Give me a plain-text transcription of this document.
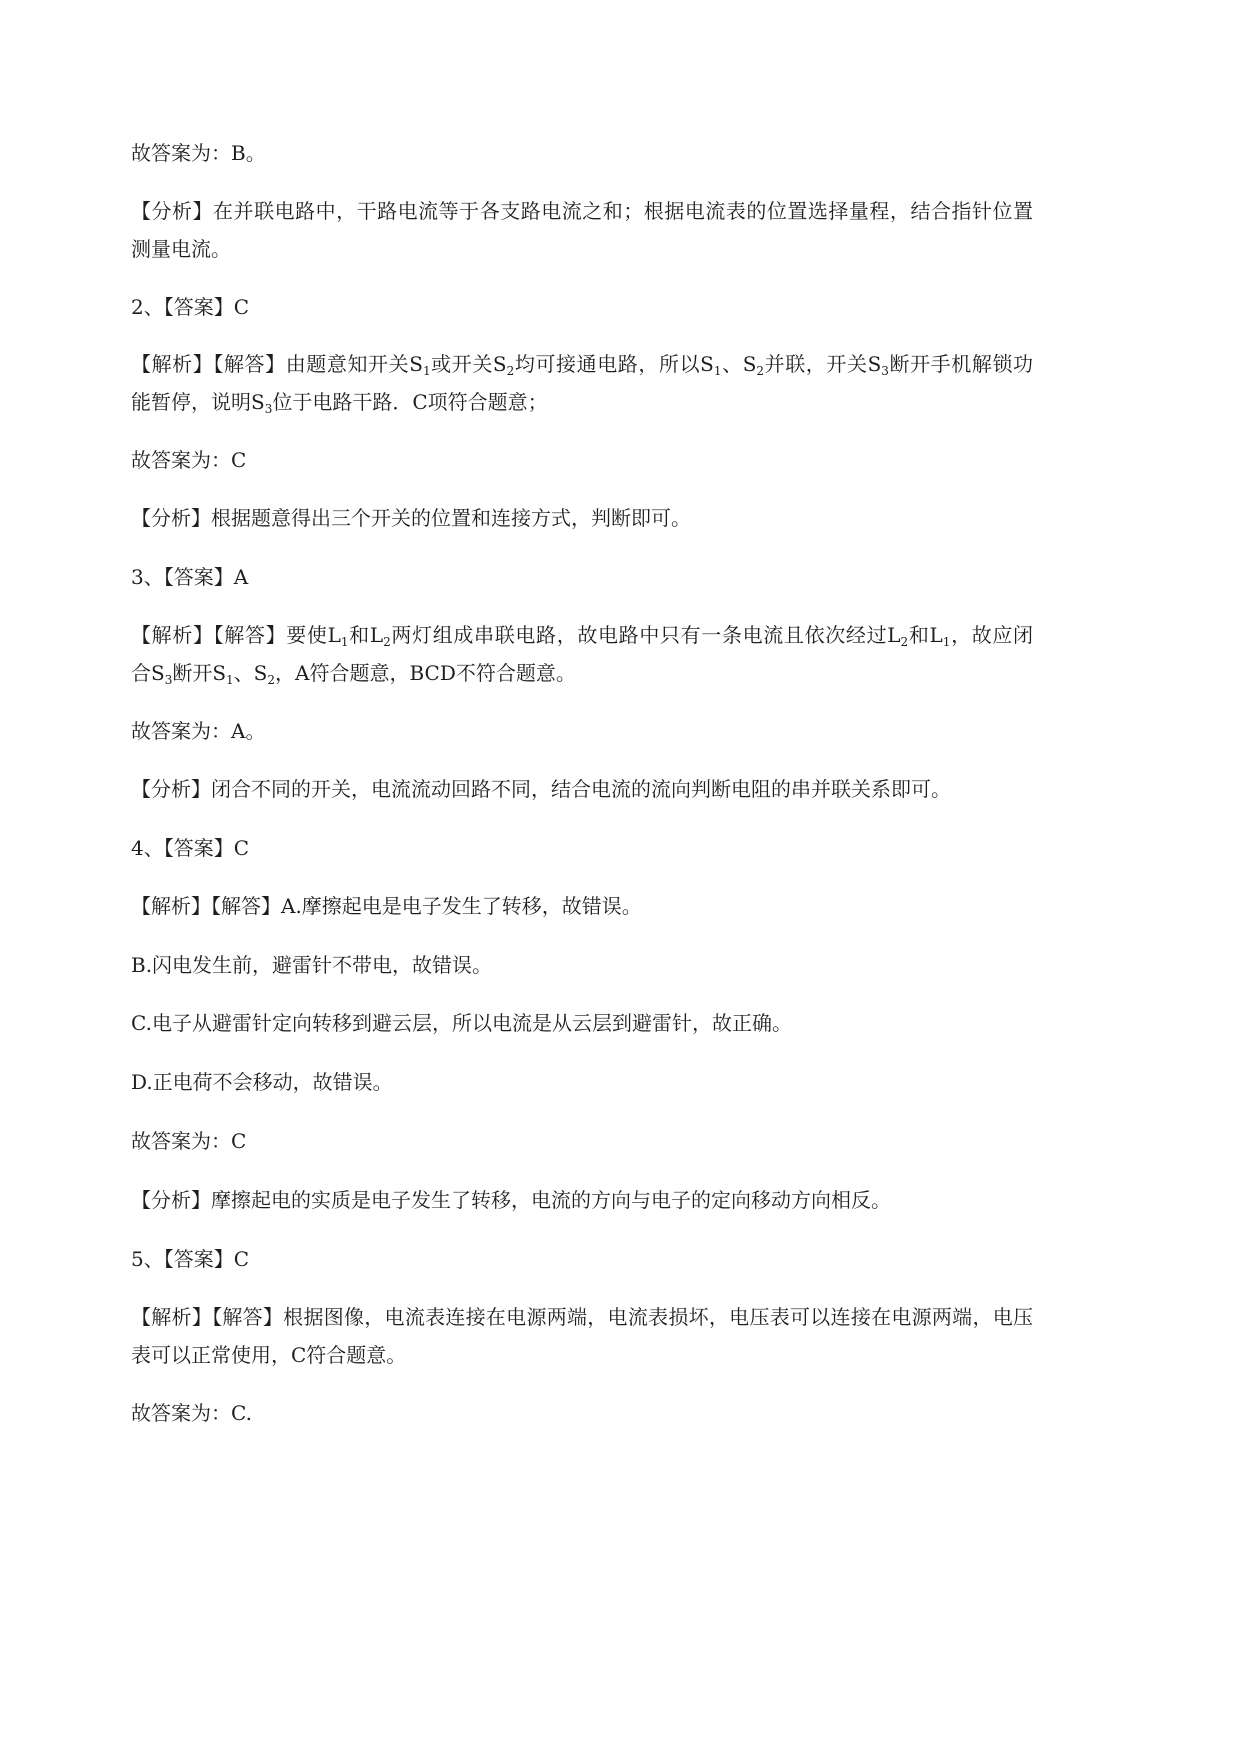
故答案为：B。
【分析】在并联电路中，干路电流等于各支路电流之和；根据电流表的位置选择量程，结合指针位置
测量电流。
2、【答案】C
【解析】【解答】由题意知开关$S_1$或开关$S_2$均可接通电路，所以$S_1$、$S_2$并联，开关$S_3$断开手机解锁功
能暂停，说明$S_3$位于电路干路．C项符合题意；
故答案为：C
【分析】根据题意得出三个开关的位置和连接方式，判断即可。
3、【答案】A
【解析】【解答】要使$L_1$和$L_2$两灯组成串联电路，故电路中只有一条电流且依次经过$L_2$和$L_1$，故应闭
合$S_3$断开$S_1$、$S_2$，A符合题意，BCD不符合题意。
故答案为：A。
【分析】闭合不同的开关，电流流动回路不同，结合电流的流向判断电阻的串并联关系即可。
4、【答案】C
【解析】【解答】A.摩擦起电是电子发生了转移，故错误。
B.闪电发生前，避雷针不带电，故错误。
C.电子从避雷针定向转移到避云层，所以电流是从云层到避雷针，故正确。
D.正电荷不会移动，故错误。
故答案为：C
【分析】摩擦起电的实质是电子发生了转移，电流的方向与电子的定向移动方向相反。
5、【答案】C
【解析】【解答】根据图像，电流表连接在电源两端，电流表损坏，电压表可以连接在电源两端，电压
表可以正常使用，C符合题意。
故答案为：C.
